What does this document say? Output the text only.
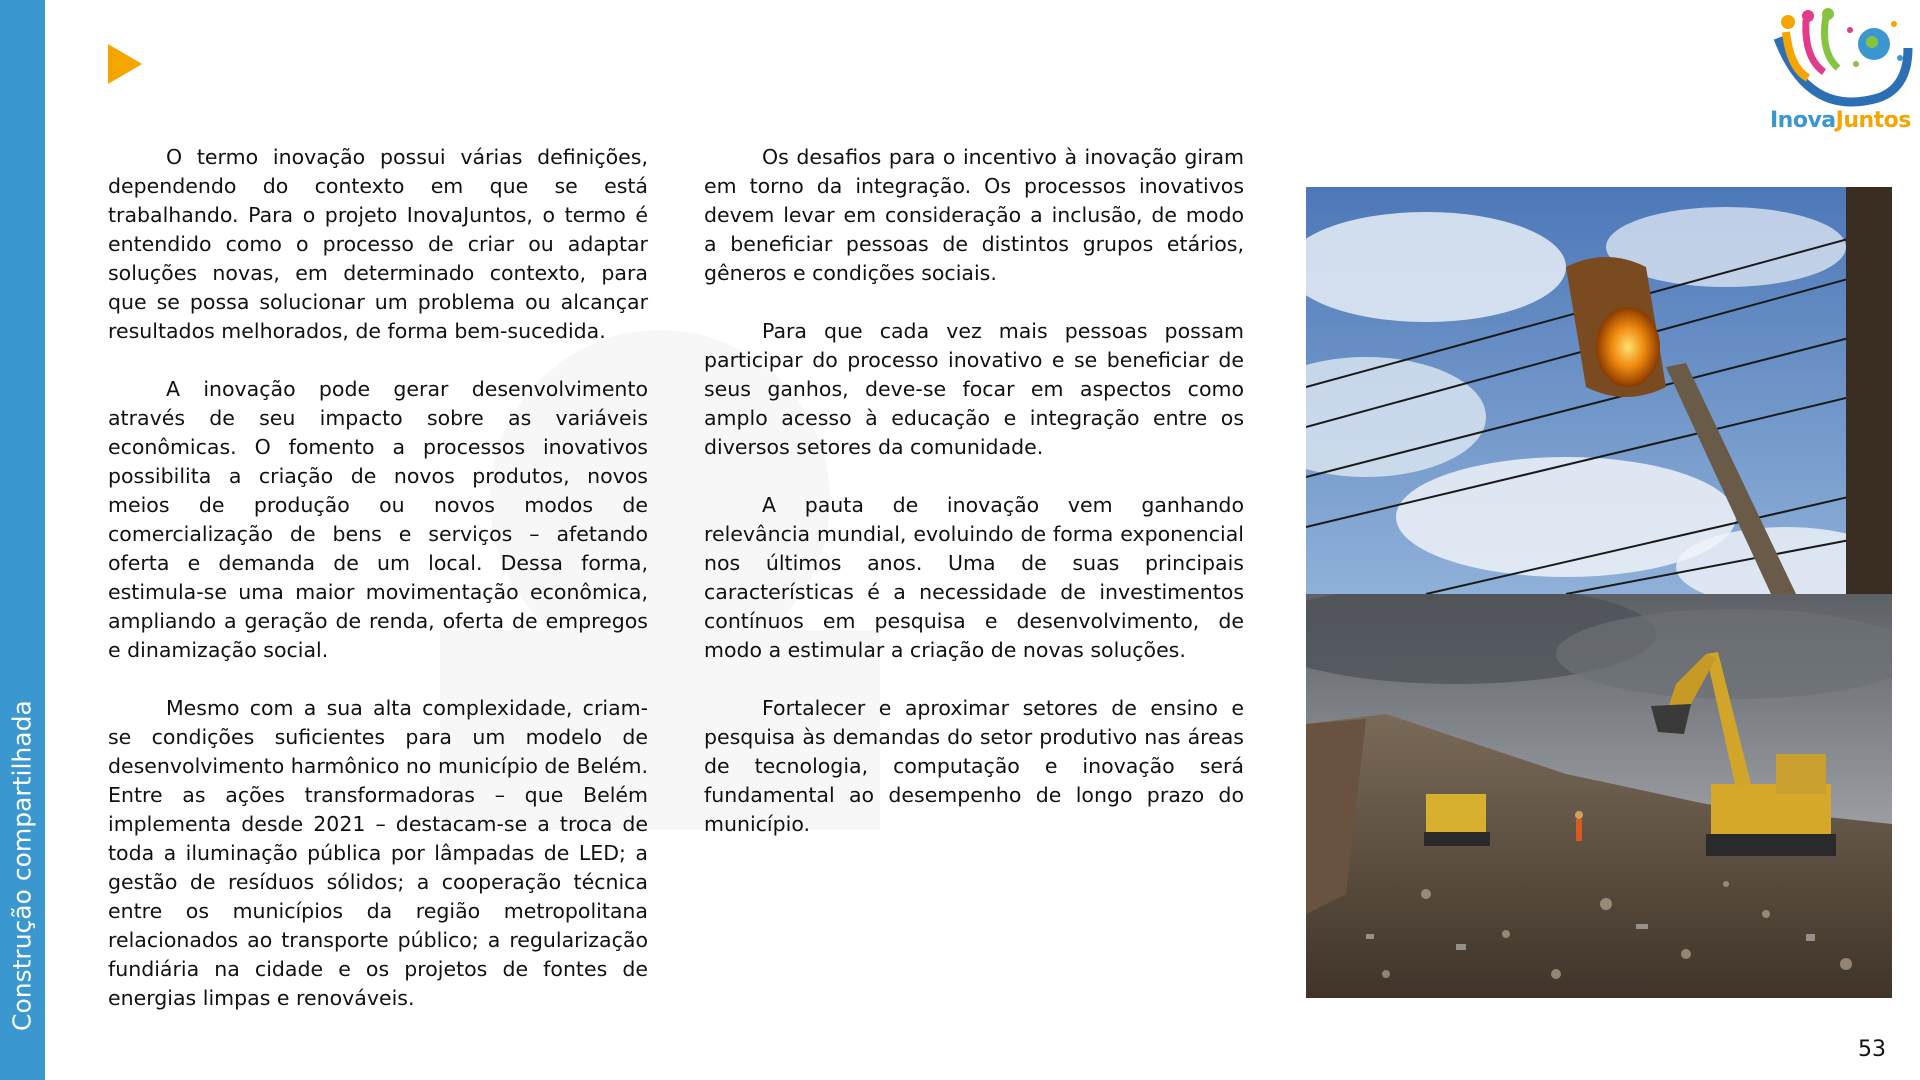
Construção compartilhada
InovaJuntos

O termo inovação possui várias definições, dependendo do contexto em que se está trabalhando. Para o projeto InovaJuntos, o termo é entendido como o processo de criar ou adaptar soluções novas, em determinado contexto, para que se possa solucionar um problema ou alcançar resultados melhorados, de forma bem-sucedida.

A inovação pode gerar desenvolvimento através de seu impacto sobre as variáveis econômicas. O fomento a processos inovativos possibilita a criação de novos produtos, novos meios de produção ou novos modos de comercialização de bens e serviços – afetando oferta e demanda de um local. Dessa forma, estimula-se uma maior movimentação econômica, ampliando a geração de renda, oferta de empregos e dinamização social.

Mesmo com a sua alta complexidade, criam-se condições suficientes para um modelo de desenvolvimento harmônico no município de Belém. Entre as ações transformadoras – que Belém implementa desde 2021 – destacam-se a troca de toda a iluminação pública por lâmpadas de LED; a gestão de resíduos sólidos; a cooperação técnica entre os municípios da região metropolitana relacionados ao transporte público; a regularização fundiária na cidade e os projetos de fontes de energias limpas e renováveis.

Os desafios para o incentivo à inovação giram em torno da integração. Os processos inovativos devem levar em consideração a inclusão, de modo a beneficiar pessoas de distintos grupos etários, gêneros e condições sociais.

Para que cada vez mais pessoas possam participar do processo inovativo e se beneficiar de seus ganhos, deve-se focar em aspectos como amplo acesso à educação e integração entre os diversos setores da comunidade.

A pauta de inovação vem ganhando relevância mundial, evoluindo de forma exponencial nos últimos anos. Uma de suas principais características é a necessidade de investimentos contínuos em pesquisa e desenvolvimento, de modo a estimular a criação de novas soluções.

Fortalecer e aproximar setores de ensino e pesquisa às demandas do setor produtivo nas áreas de tecnologia, computação e inovação será fundamental ao desempenho de longo prazo do município.

53
